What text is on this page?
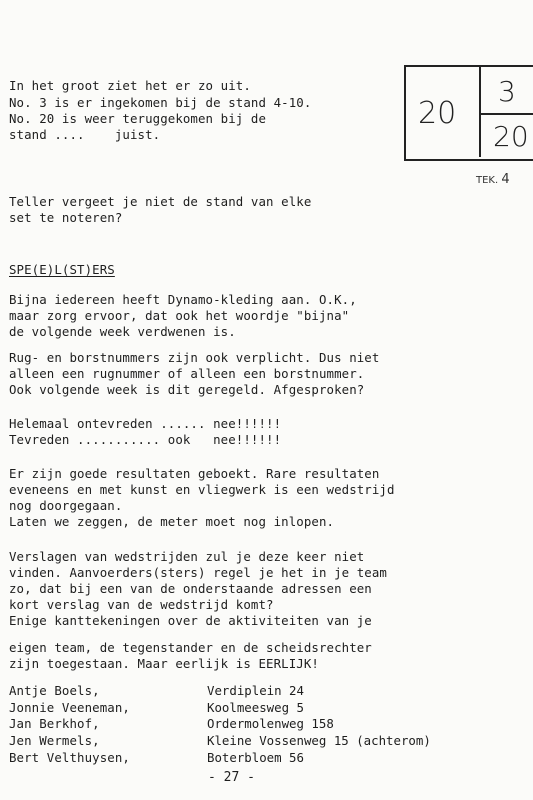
In het groot ziet het er zo uit.
No. 3 is er ingekomen bij de stand 4-10.
No. 20 is weer teruggekomen bij de
stand ....    juist.
20
3
20
TEK. 4
Teller vergeet je niet de stand van elke
set te noteren?
SPE(E)L(ST)ERS
Bijna iedereen heeft Dynamo-kleding aan. O.K.,
maar zorg ervoor, dat ook het woordje "bijna"
de volgende week verdwenen is.
Rug- en borstnummers zijn ook verplicht. Dus niet
alleen een rugnummer of alleen een borstnummer.
Ook volgende week is dit geregeld. Afgesproken?
Helemaal ontevreden ...... nee!!!!!!
Tevreden ........... ook   nee!!!!!!
Er zijn goede resultaten geboekt. Rare resultaten
eveneens en met kunst en vliegwerk is een wedstrijd
nog doorgegaan.
Laten we zeggen, de meter moet nog inlopen.
Verslagen van wedstrijden zul je deze keer niet
vinden. Aanvoerders(sters) regel je het in je team
zo, dat bij een van de onderstaande adressen een
kort verslag van de wedstrijd komt?
Enige kanttekeningen over de aktiviteiten van je
eigen team, de tegenstander en de scheidsrechter
zijn toegestaan. Maar eerlijk is EERLIJK!
Antje Boels,	Verdiplein 24
Jonnie Veeneman,	Koolmeesweg 5
Jan Berkhof,	Ordermolenweg 158
Jen Wermels,	Kleine Vossenweg 15 (achterom)
Bert Velthuysen,	Boterbloem 56
- 27 -
